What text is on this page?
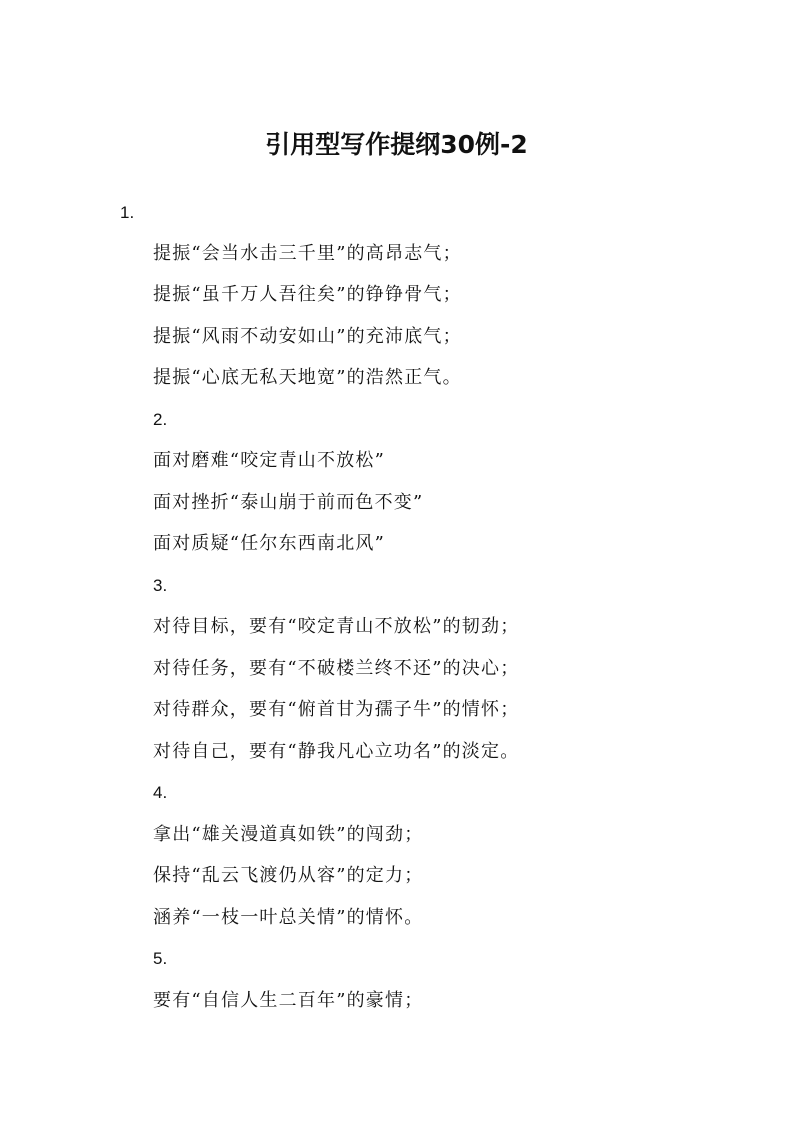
引用型写作提纲30例-2
1.
提振“会当水击三千里”的高昂志气；
提振“虽千万人吾往矣”的铮铮骨气；
提振“风雨不动安如山”的充沛底气；
提振“心底无私天地宽”的浩然正气。
2.
面对磨难“咬定青山不放松”
面对挫折“泰山崩于前而色不变”
面对质疑“任尔东西南北风”
3.
对待目标，要有“咬定青山不放松”的韧劲；
对待任务，要有“不破楼兰终不还”的决心；
对待群众，要有“俯首甘为孺子牛”的情怀；
对待自己，要有“静我凡心立功名”的淡定。
4.
拿出“雄关漫道真如铁”的闯劲；
保持“乱云飞渡仍从容”的定力；
涵养“一枝一叶总关情”的情怀。
5.
要有“自信人生二百年”的豪情；
